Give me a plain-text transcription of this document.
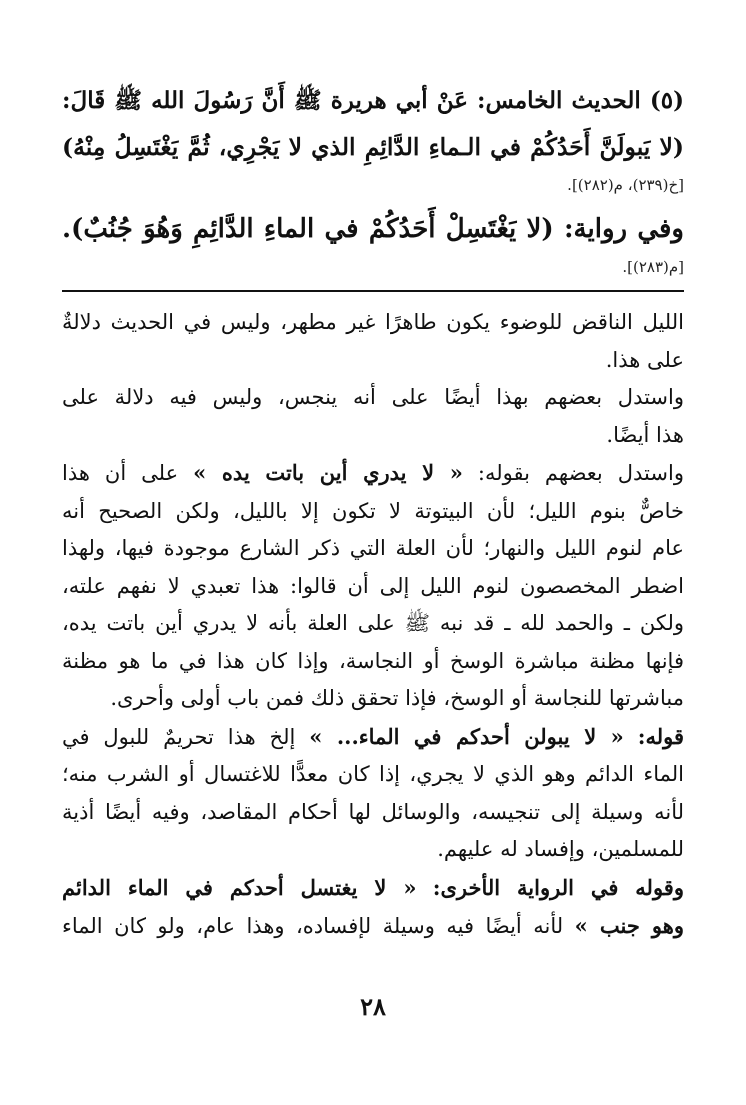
(٥) الحديث الخامس: عَنْ أبي هريرة ﷺ أَنَّ رَسُولَ الله ﷺ قَالَ:
(لا يَبولَنَّ أَحَدُكُمْ في الـماءِ الدَّائِمِ الذي لا يَجْرِي، ثُمَّ يَغْتَسِلُ مِنْهُ)
[خ(٢٣٩)، م(٢٨٢)].
وفي رواية: (لا يَغْتَسِلْ أَحَدُكُمْ في الماءِ الدَّائِمِ وَهُوَ جُنُبٌ).
[م(٢٨٣)].
الليل الناقض للوضوء يكون طاهرًا غير مطهر، وليس في الحديث دلالةٌ
على هذا.
واستدل بعضهم بهذا أيضًا على أنه ينجس، وليس فيه دلالة على
هذا أيضًا.
واستدل بعضهم بقوله: « لا يدري أين باتت يده » على أن هذا
خاصٌّ بنوم الليل؛ لأن البيتوتة لا تكون إلا بالليل، ولكن الصحيح أنه
عام لنوم الليل والنهار؛ لأن العلة التي ذكر الشارع موجودة فيها، ولهذا
اضطر المخصصون لنوم الليل إلى أن قالوا: هذا تعبدي لا نفهم علته،
ولكن ـ والحمد لله ـ قد نبه ﷺ على العلة بأنه لا يدري أين باتت يده،
فإنها مظنة مباشرة الوسخ أو النجاسة، وإذا كان هذا في ما هو مظنة
مباشرتها للنجاسة أو الوسخ، فإذا تحقق ذلك فمن باب أولى وأحرى.
قوله: « لا يبولن أحدكم في الماء... » إلخ هذا تحريمٌ للبول في
الماء الدائم وهو الذي لا يجري، إذا كان معدًّا للاغتسال أو الشرب منه؛
لأنه وسيلة إلى تنجيسه، والوسائل لها أحكام المقاصد، وفيه أيضًا أذية
للمسلمين، وإفساد له عليهم.
وقوله في الرواية الأخرى: « لا يغتسل أحدكم في الماء الدائم
وهو جنب » لأنه أيضًا فيه وسيلة لإفساده، وهذا عام، ولو كان الماء
٢٨
